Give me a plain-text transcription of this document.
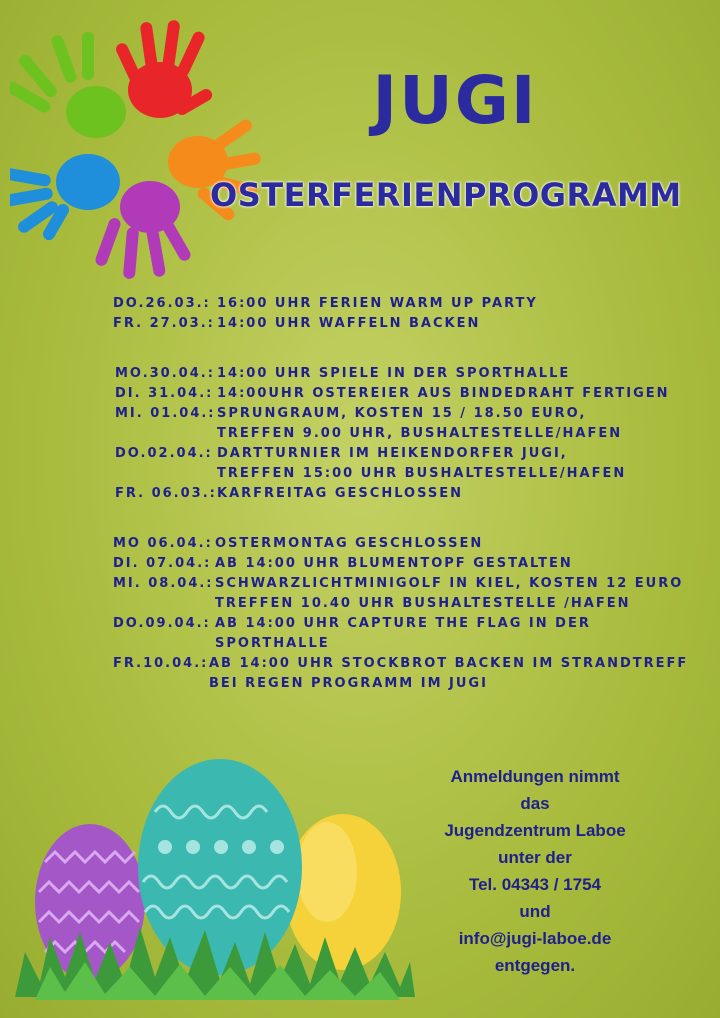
JUGI
OSTERFERIENPROGRAMM
DO.26.03.: 16:00 UHR FERIEN WARM UP PARTY
FR. 27.03.: 14:00 UHR WAFFELN BACKEN
MO.30.04.: 14:00 UHR SPIELE IN DER SPORTHALLE
DI. 31.04.: 14:00UHR OSTEREIER AUS BINDEDRAHT FERTIGEN
MI. 01.04.: SPRUNGRAUM, KOSTEN 15 / 18.50 EURO,
TREFFEN 9.00 UHR, BUSHALTESTELLE/HAFEN
DO.02.04.: DARTTURNIER IM HEIKENDORFER JUGI,
TREFFEN 15:00 UHR BUSHALTESTELLE/HAFEN
FR. 06.03.: KARFREITAG GESCHLOSSEN
MO 06.04.: OSTERMONTAG GESCHLOSSEN
DI. 07.04.: AB 14:00 UHR BLUMENTOPF GESTALTEN
MI. 08.04.: SCHWARZLICHTMINIGOLF IN KIEL, KOSTEN 12 EURO
TREFFEN 10.40 UHR BUSHALTESTELLE /HAFEN
DO.09.04.: AB 14:00 UHR CAPTURE THE FLAG IN DER
SPORTHALLE
FR.10.04.: AB 14:00 UHR STOCKBROT BACKEN IM STRANDTREFF
BEI REGEN PROGRAMM IM JUGI
Anmeldungen nimmt
das
Jugendzentrum Laboe
unter der
Tel. 04343 / 1754
und
info@jugi-laboe.de
entgegen.
